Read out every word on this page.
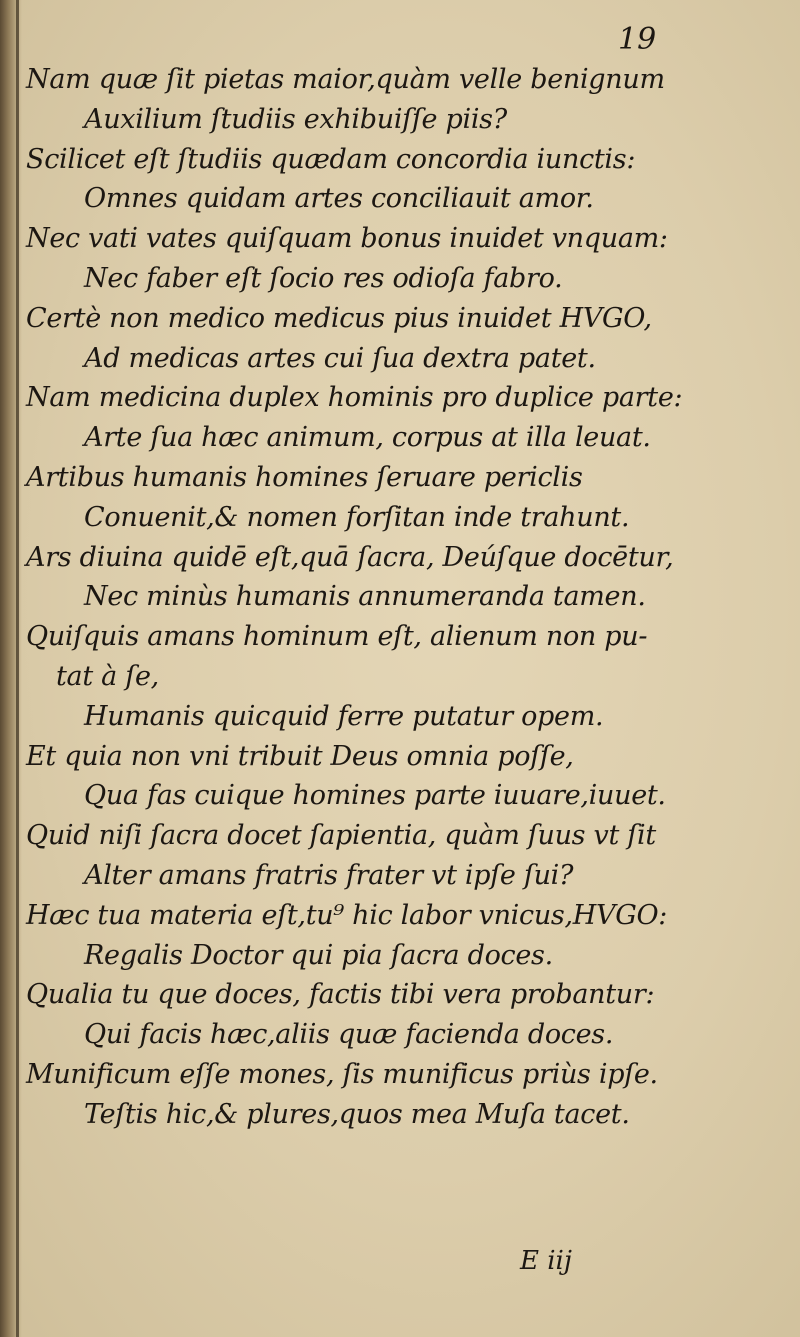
19
Nam quæ ſit pietas maior,quàm velle benignum
Auxilium ſtudiis exhibuiſſe piis?
Scilicet eſt ſtudiis quædam concordia iunctis:
Omnes quidam artes conciliauit amor.
Nec vati vates quiſquam bonus inuidet vnquam:
Nec faber eſt ſocio res odioſa fabro.
Certè non medico medicus pius inuidet HVGO,
Ad medicas artes cui ſua dextra patet.
Nam medicina duplex hominis pro duplice parte:
Arte ſua hæc animum, corpus at illa leuat.
Artibus humanis homines ſeruare periclis
Conuenit,& nomen forſitan inde trahunt.
Ars diuina quidē eſt,quā ſacra, Deúſque docētur,
Nec minùs humanis annumeranda tamen.
Quiſquis amans hominum eſt, alienum non pu-
tat à ſe,
Humanis quicquid ferre putatur opem.
Et quia non vni tribuit Deus omnia poſſe,
Qua fas cuique homines parte iuuare,iuuet.
Quid niſi ſacra docet ſapientia, quàm ſuus vt ſit
Alter amans fratris frater vt ipſe ſui?
Hæc tua materia eſt,tu⁹ hic labor vnicus,HVGO:
Regalis Doctor qui pia ſacra doces.
Qualia tu que doces, factis tibi vera probantur:
Qui facis hæc,aliis quæ facienda doces.
Munificum eſſe mones, ſis munificus priùs ipſe.
Teſtis hic,& plures,quos mea Muſa tacet.
E iij
